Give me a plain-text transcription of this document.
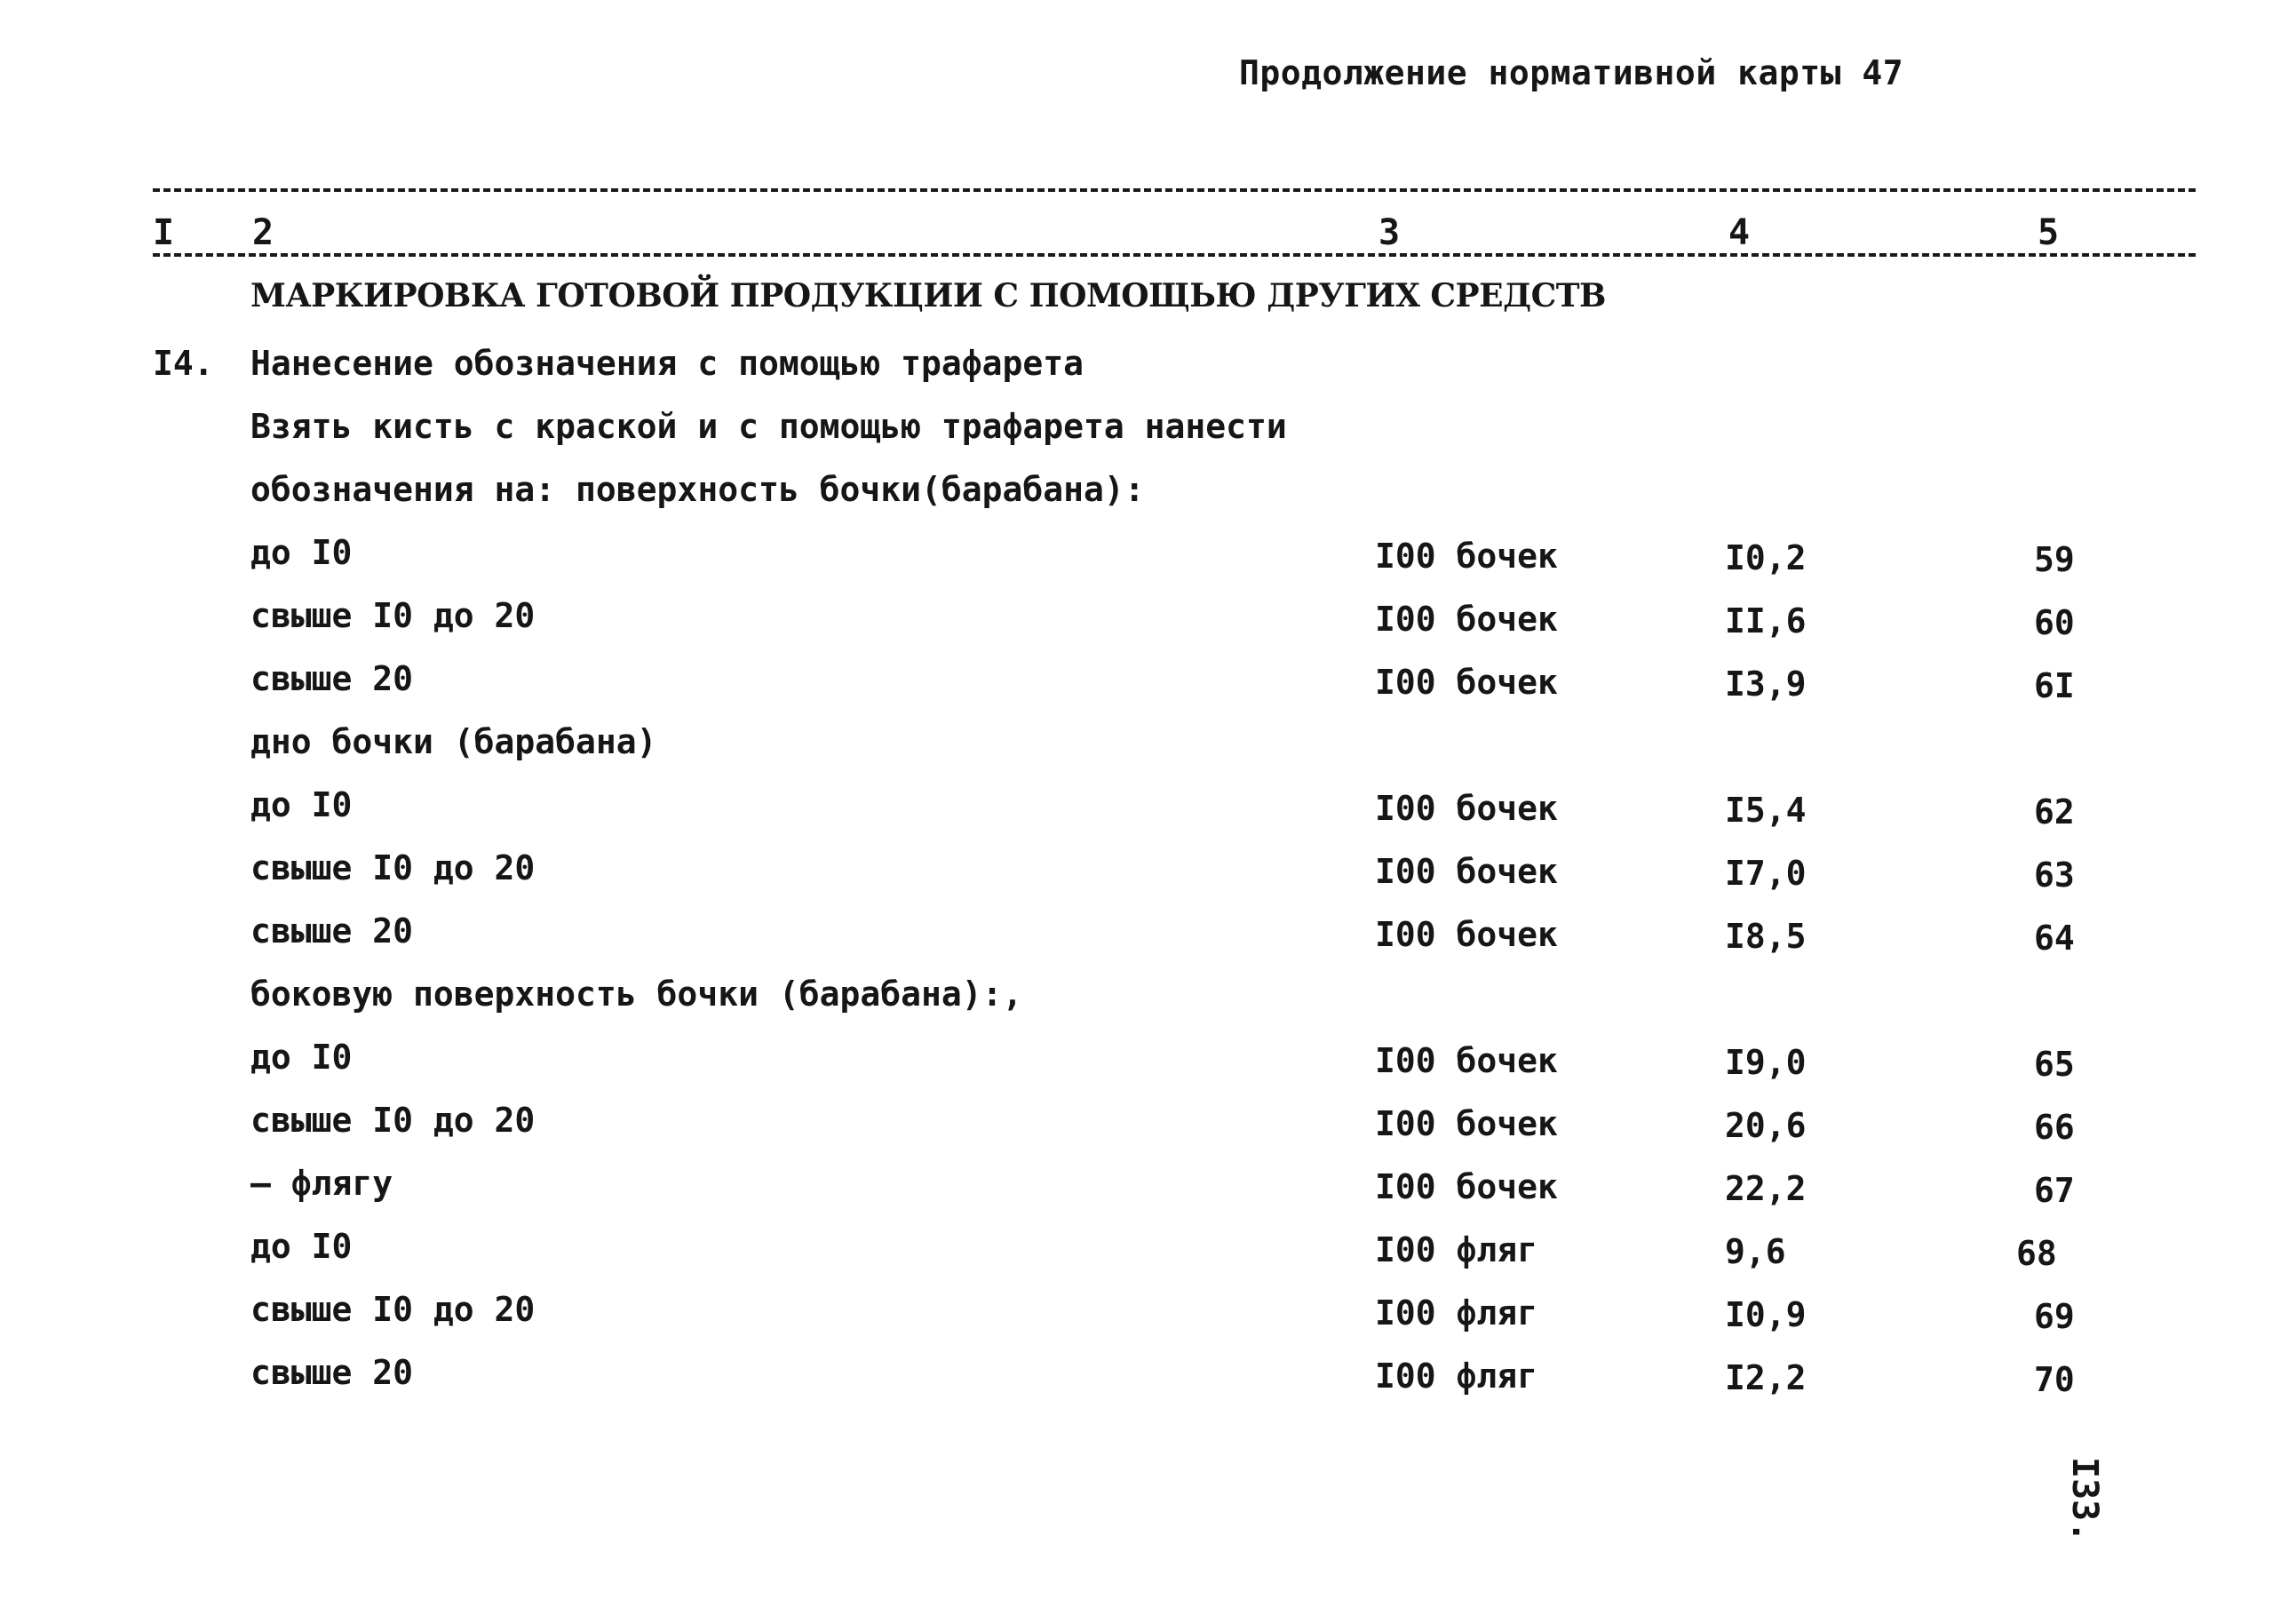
Продолжение нормативной карты 47
I 2	3	4	5
МАРКИРОВКА ГОТОВОЙ ПРОДУКЦИИ С ПОМОЩЬЮ ДРУГИХ СРЕДСТВ
I4. Нанесение обозначения с помощью трафарета
Взять кисть с краской и с помощью трафарета нанести
обозначения на: поверхность бочки(барабана):
до I0	I00 бочек	I0,2	59
свыше I0 до 20	I00 бочек	II,6	60
свыше 20	I00 бочек	I3,9	6I
дно бочки (барабана)
до I0	I00 бочек	I5,4	62
свыше I0 до 20	I00 бочек	I7,0	63
свыше 20	I00 бочек	I8,5	64
боковую поверхность бочки (барабана):,
до I0	I00 бочек	I9,0	65
свыше I0 до 20	I00 бочек	20,6	66
– флягу	I00 бочек	22,2	67
до I0	I00 фляг	9,6	68
свыше I0 до 20	I00 фляг	I0,9	69
свыше 20	I00 фляг	I2,2	70
I33.
